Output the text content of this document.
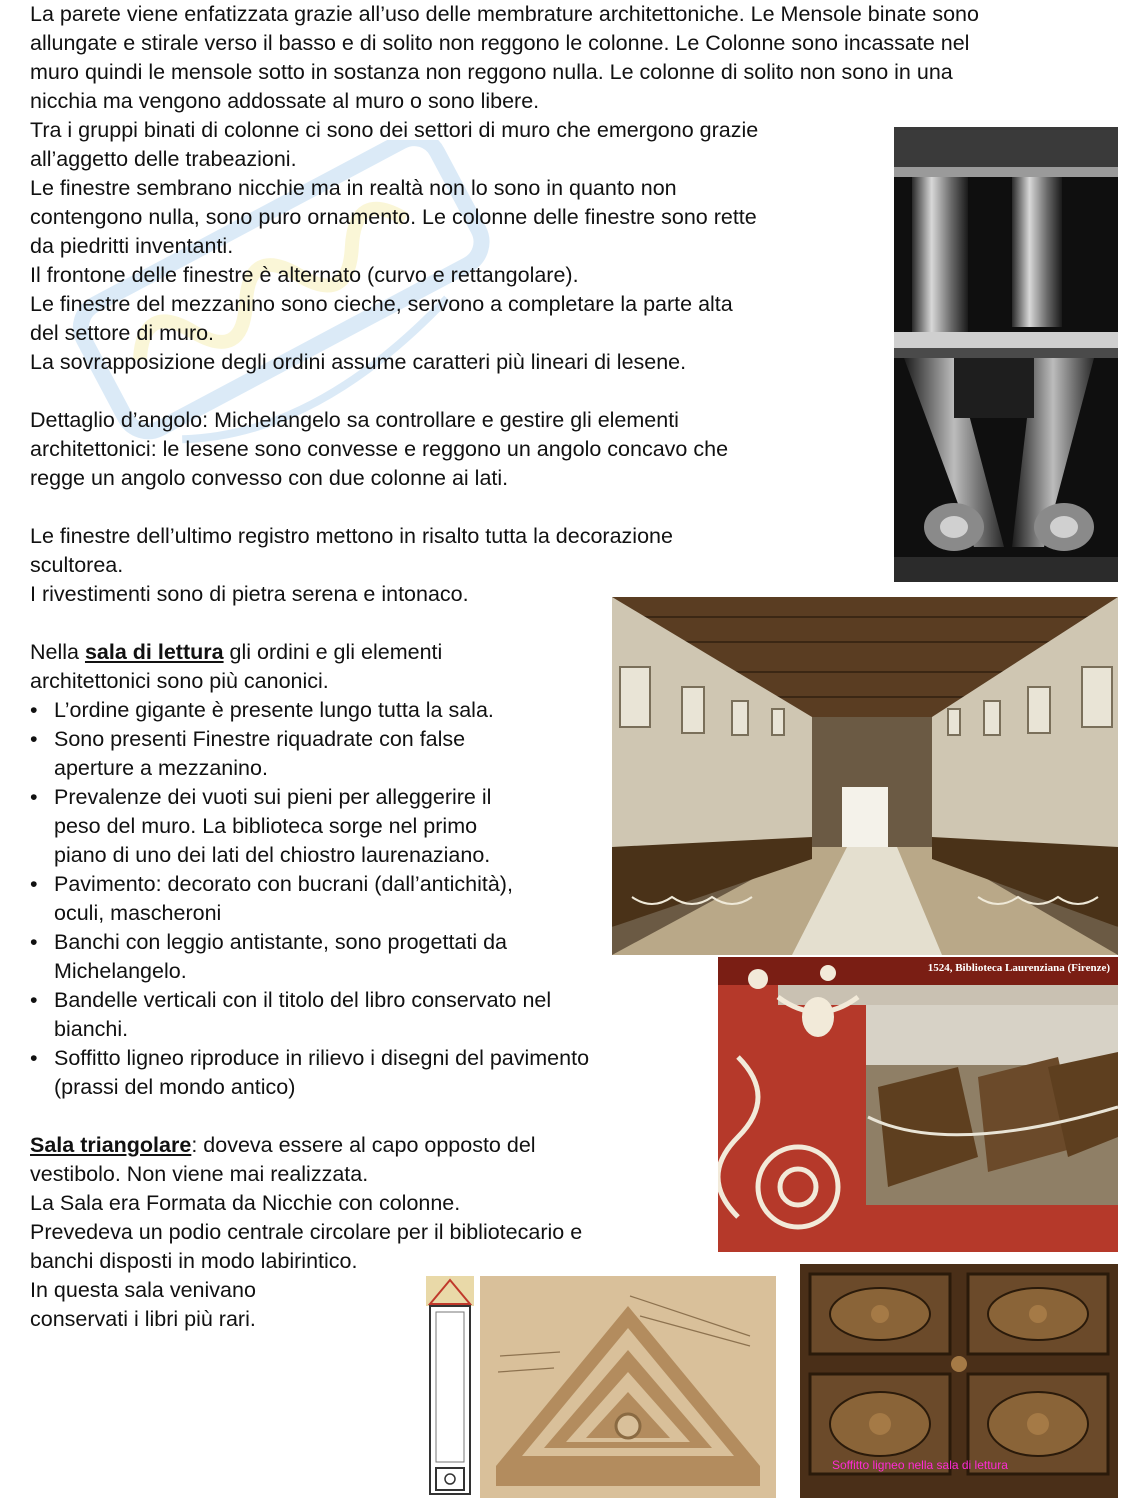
La parete viene enfatizzata grazie all’uso delle membrature architettoniche. Le Mensole binate sono
allungate e stirale verso il basso e di solito non reggono le colonne. Le Colonne sono incassate nel
muro quindi le mensole sotto in sostanza non reggono nulla. Le colonne di solito non sono in una
nicchia ma vengono addossate al muro o sono libere.
Tra i gruppi binati di colonne ci sono dei settori di muro che emergono grazie
all’aggetto delle trabeazioni.
Le finestre sembrano nicchie ma in realtà non lo sono in quanto non
contengono nulla, sono puro ornamento. Le colonne delle finestre sono rette
da piedritti inventanti.
Il frontone delle finestre è alternato (curvo e rettangolare).
Le finestre del mezzanino sono cieche, servono a completare la parte alta
del settore di muro.
La sovrapposizione degli ordini assume caratteri più lineari di lesene.
Dettaglio d’angolo: Michelangelo sa controllare e gestire gli elementi
architettonici: le lesene sono convesse e reggono un angolo concavo che
regge un angolo convesso con due colonne ai lati.
Le finestre dell’ultimo registro mettono in risalto tutta la decorazione
scultorea.
I rivestimenti sono di pietra serena e intonaco.
Nella sala di lettura gli ordini e gli elementi
architettonici sono più canonici.
• L’ordine gigante è presente lungo tutta la sala.
• Sono presenti Finestre riquadrate con false
aperture a mezzanino.
• Prevalenze dei vuoti sui pieni per alleggerire il
peso del muro. La biblioteca sorge nel primo
piano di uno dei lati del chiostro laurenaziano.
• Pavimento: decorato con bucrani (dall’antichità),
oculi, mascheroni
• Banchi con leggio antistante, sono progettati da
Michelangelo.
• Bandelle verticali con il titolo del libro conservato nel
bianchi.
• Soffitto ligneo riproduce in rilievo i disegni del pavimento
(prassi del mondo antico)
Sala triangolare: doveva essere al capo opposto del
vestibolo. Non viene mai realizzata.
La Sala era Formata da Nicchie con colonne.
Prevedeva un podio centrale circolare per il bibliotecario e
banchi disposti in modo labirintico.
In questa sala venivano
conservati i libri più rari.
1524, Biblioteca Laurenziana (Firenze)
Soffitto ligneo nella sala di lettura
